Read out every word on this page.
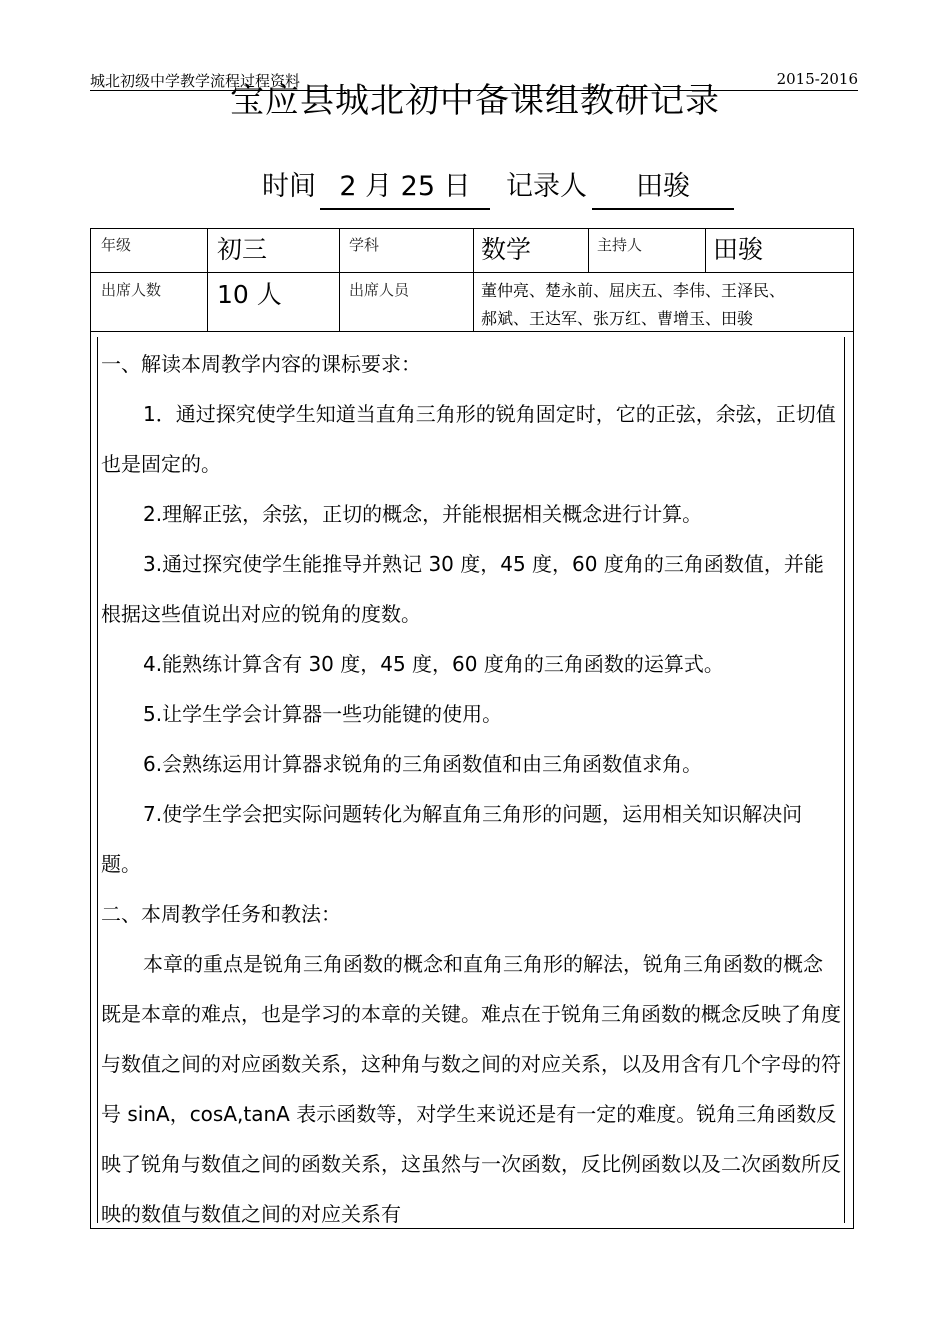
城北初级中学教学流程过程资料	2015-2016
宝应县城北初中备课组教研记录
时间 2 月 25 日	记录人	田骏
年级	初三	学科	数学	主持人	田骏
出席人数 10 人	出席人员	董仲亮、楚永前、屈庆五、李伟、王泽民、
郝斌、王达军、张万红、曹增玉、田骏

一、解读本周教学内容的课标要求：

1．通过探究使学生知道当直角三角形的锐角固定时，它的正弦，余弦，正切值也是固定的。

2.理解正弦，余弦，正切的概念，并能根据相关概念进行计算。

3.通过探究使学生能推导并熟记 30 度，45 度，60 度角的三角函数值，并能根据这些值说出对应的锐角的度数。

4.能熟练计算含有 30 度，45 度，60 度角的三角函数的运算式。

5.让学生学会计算器一些功能键的使用。

6.会熟练运用计算器求锐角的三角函数值和由三角函数值求角。

7.使学生学会把实际问题转化为解直角三角形的问题，运用相关知识解决问题。

二、本周教学任务和教法：

本章的重点是锐角三角函数的概念和直角三角形的解法，锐角三角函数的概念既是本章的难点，也是学习的本章的关键。难点在于锐角三角函数的概念反映了角度与数值之间的对应函数关系，这种角与数之间的对应关系，以及用含有几个字母的符号 sinA，cosA,tanA 表示函数等，对学生来说还是有一定的难度。锐角三角函数反映了锐角与数值之间的函数关系，这虽然与一次函数，反比例函数以及二次函数所反映的数值与数值之间的对应关系有
